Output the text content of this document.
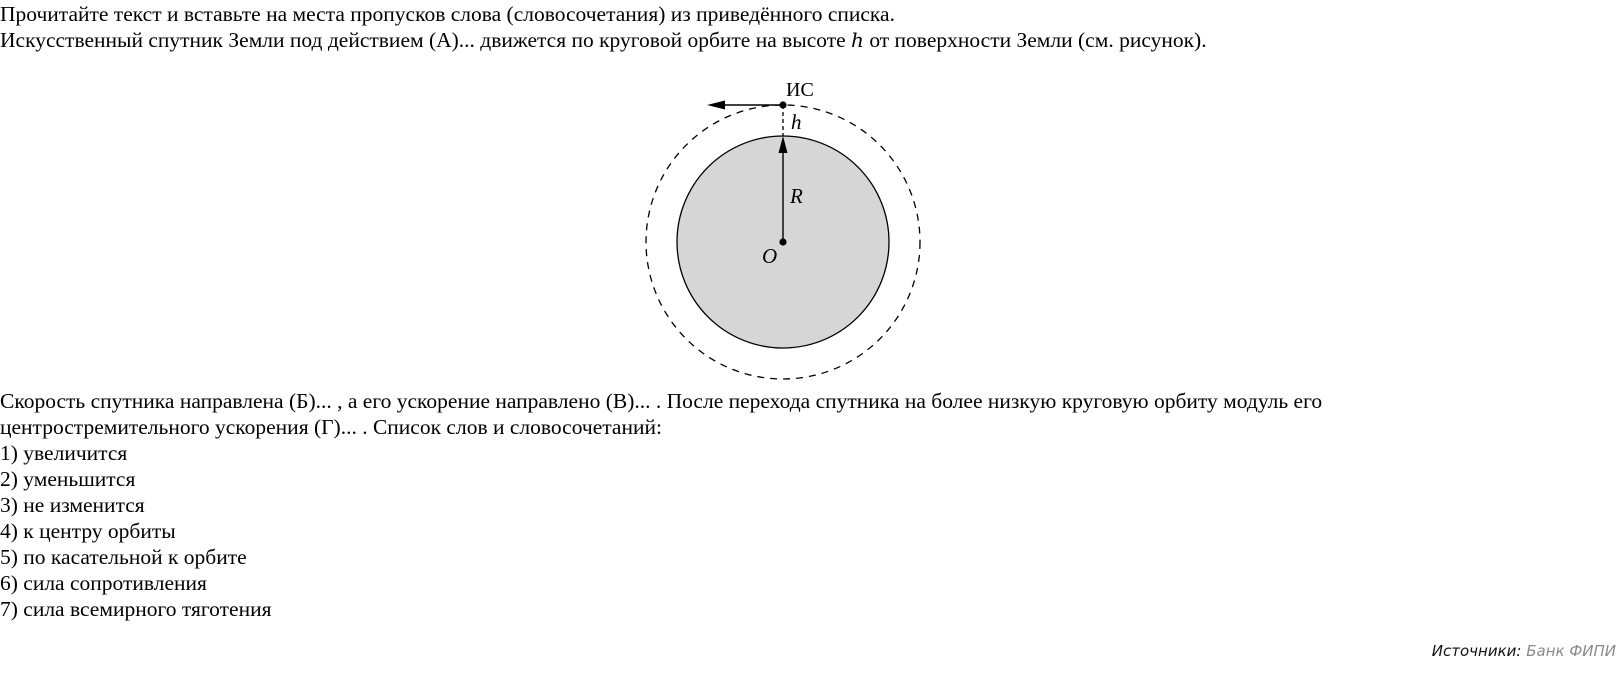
Прочитайте текст и вставьте на места пропусков слова (словосочетания) из приведённого списка.
Искусственный спутник Земли под действием (А)... движется по круговой орбите на высоте h от поверхности Земли (см. рисунок).
ИС
h
R
O
Скорость спутника направлена (Б)... , а его ускорение направлено (В)... . После перехода спутника на более низкую круговую орбиту модуль его
центростремительного ускорения (Г)... . Список слов и словосочетаний:
1) увеличится
2) уменьшится
3) не изменится
4) к центру орбиты
5) по касательной к орбите
6) сила сопротивления
7) сила всемирного тяготения
Источники: Банк ФИПИ
